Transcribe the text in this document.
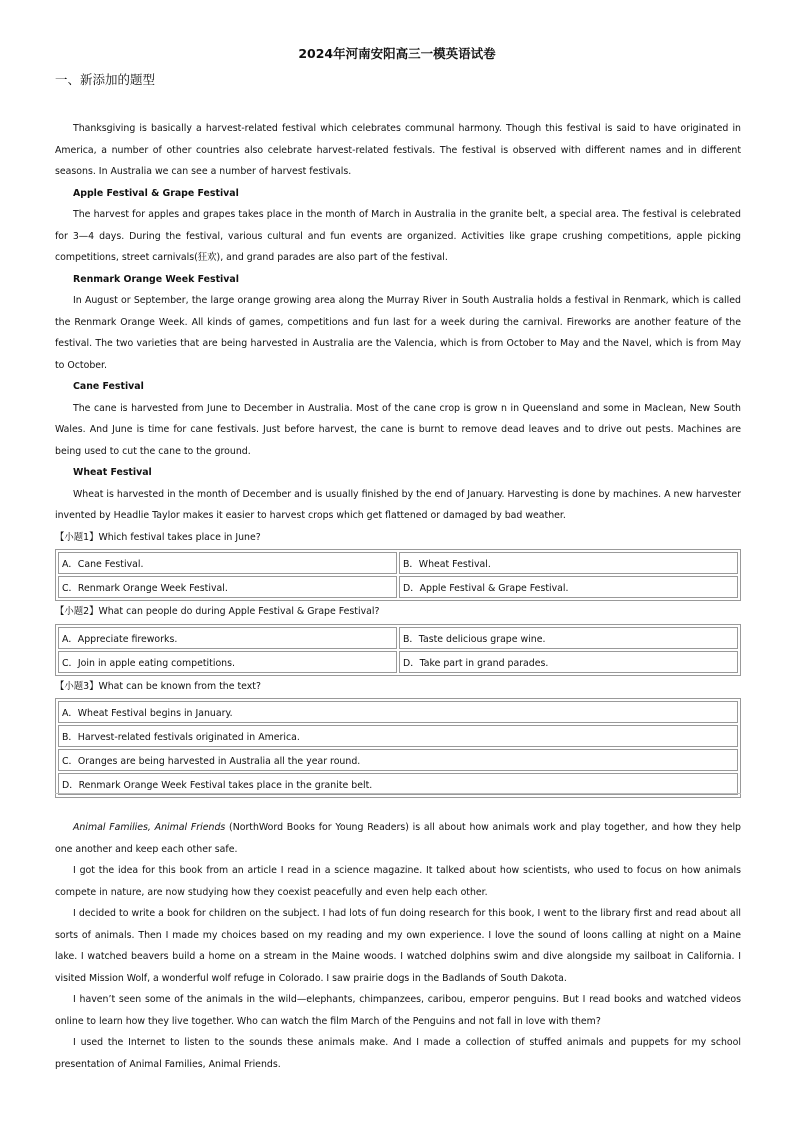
2024年河南安阳高三一模英语试卷
一、新添加的题型

Thanksgiving is basically a harvest-related festival which celebrates communal harmony. Though this festival is said to have originated in America, a number of other countries also celebrate harvest-related festivals. The festival is observed with different names and in different seasons. In Australia we can see a number of harvest festivals.

Apple Festival & Grape Festival

The harvest for apples and grapes takes place in the month of March in Australia in the granite belt, a special area. The festival is celebrated for 3—4 days. During the festival, various cultural and fun events are organized. Activities like grape crushing competitions, apple picking competitions, street carnivals(狂欢), and grand parades are also part of the festival.

Renmark Orange Week Festival

In August or September, the large orange growing area along the Murray River in South Australia holds a festival in Renmark, which is called the Renmark Orange Week. All kinds of games, competitions and fun last for a week during the carnival. Fireworks are another feature of the festival. The two varieties that are being harvested in Australia are the Valencia, which is from October to May and the Navel, which is from May to October.

Cane Festival

The cane is harvested from June to December in Australia. Most of the cane crop is grow n in Queensland and some in Maclean, New South Wales. And June is time for cane festivals. Just before harvest, the cane is burnt to remove dead leaves and to drive out pests. Machines are being used to cut the cane to the ground.

Wheat Festival

Wheat is harvested in the month of December and is usually finished by the end of January. Harvesting is done by machines. A new harvester invented by Headlie Taylor makes it easier to harvest crops which get flattened or damaged by bad weather.

【小题1】Which festival takes place in June?

A．Cane Festival.	B．Wheat Festival.
C．Renmark Orange Week Festival.	D．Apple Festival & Grape Festival.

【小题2】What can people do during Apple Festival & Grape Festival?

A．Appreciate fireworks.	B．Taste delicious grape wine.
C．Join in apple eating competitions.	D．Take part in grand parades.

【小题3】What can be known from the text?

A．Wheat Festival begins in January.
B．Harvest-related festivals originated in America.
C．Oranges are being harvested in Australia all the year round.
D．Renmark Orange Week Festival takes place in the granite belt.

Animal Families, Animal Friends (NorthWord Books for Young Readers) is all about how animals work and play together, and how they help one another and keep each other safe.

I got the idea for this book from an article I read in a science magazine. It talked about how scientists, who used to focus on how animals compete in nature, are now studying how they coexist peacefully and even help each other.

I decided to write a book for children on the subject. I had lots of fun doing research for this book, I went to the library first and read about all sorts of animals. Then I made my choices based on my reading and my own experience. I love the sound of loons calling at night on a Maine lake. I watched beavers build a home on a stream in the Maine woods. I watched dolphins swim and dive alongside my sailboat in California. I visited Mission Wolf, a wonderful wolf refuge in Colorado. I saw prairie dogs in the Badlands of South Dakota.

I haven’t seen some of the animals in the wild—elephants, chimpanzees, caribou, emperor penguins. But I read books and watched videos online to learn how they live together. Who can watch the film March of the Penguins and not fall in love with them?

I used the Internet to listen to the sounds these animals make. And I made a collection of stuffed animals and puppets for my school presentation of Animal Families, Animal Friends.
